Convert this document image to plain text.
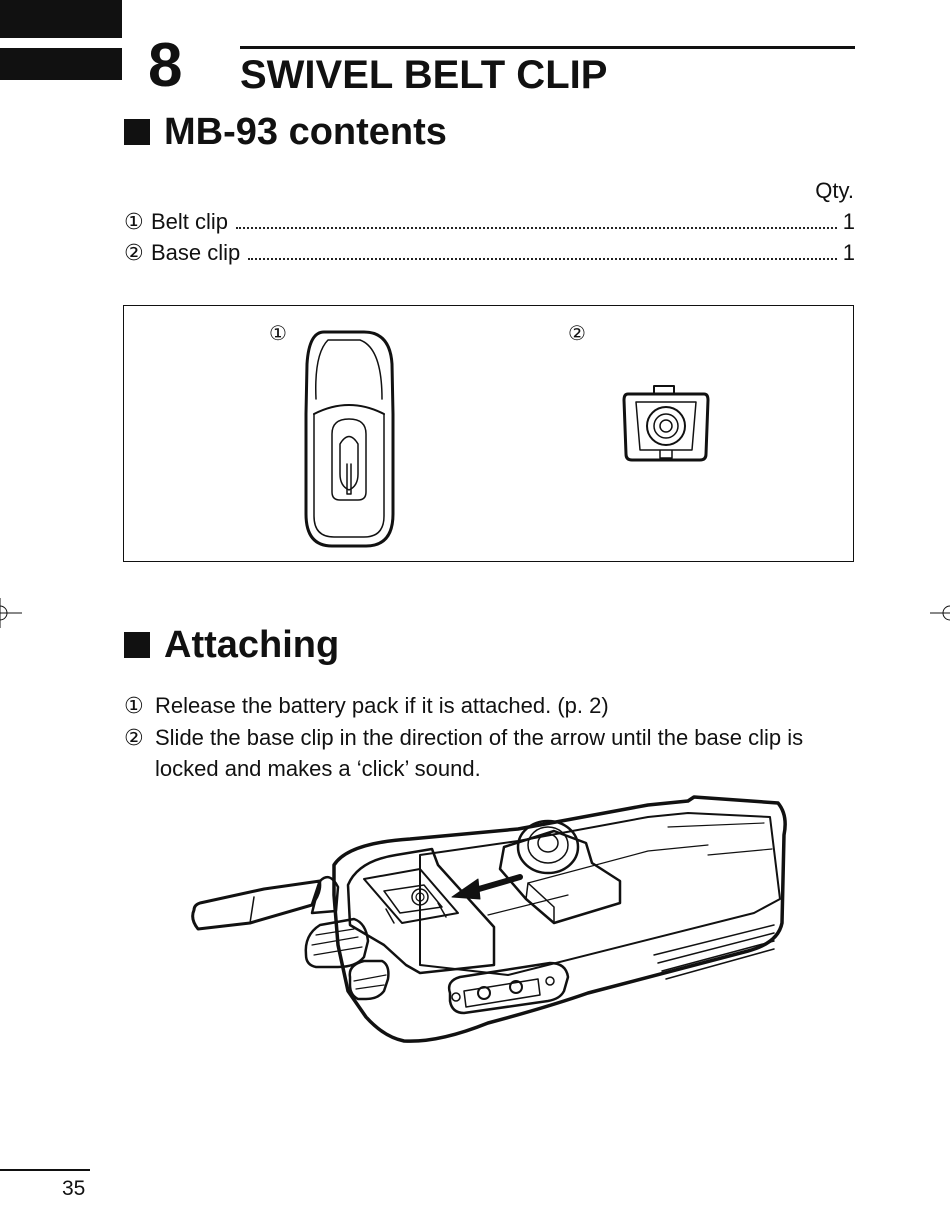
8 SWIVEL BELT CLIP
MB-93 contents
Qty.
① Belt clip	1
② Base clip	1
①	②
Attaching
① Release the battery pack if it is attached. (p. 2)
② Slide the base clip in the direction of the arrow until the base clip is locked and makes a ‘click’ sound.
35
